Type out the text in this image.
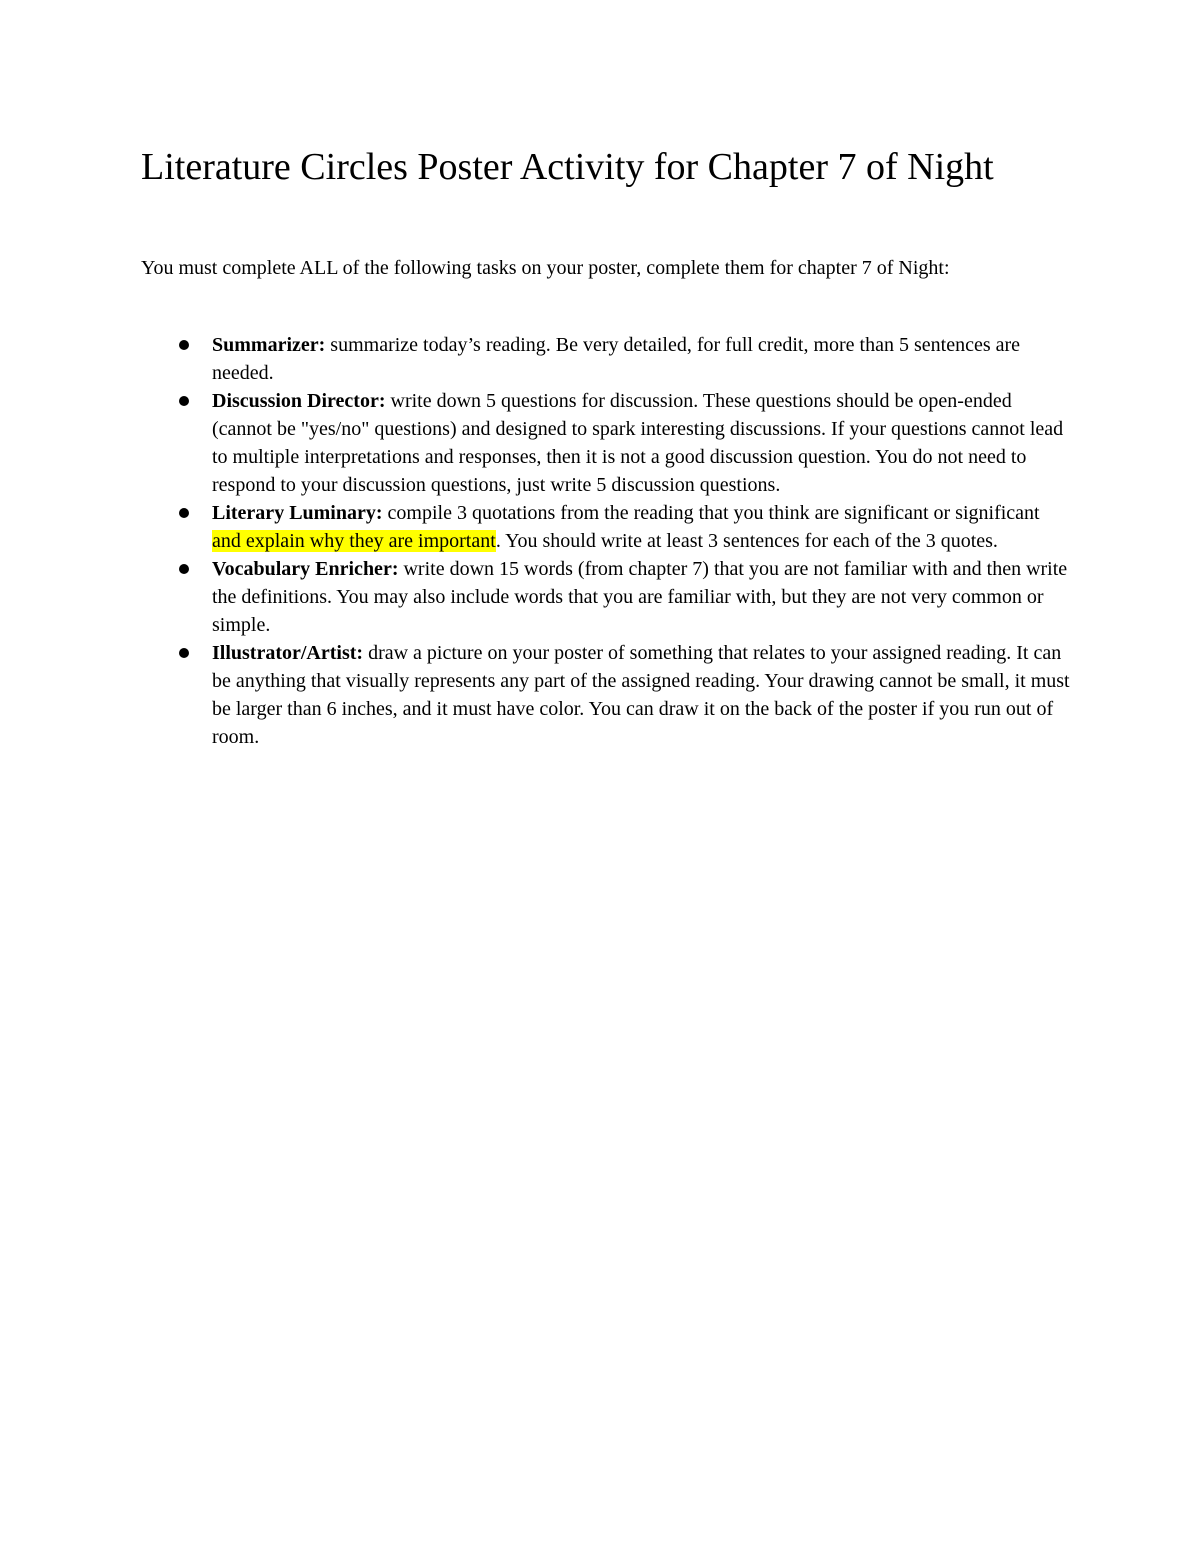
Literature Circles Poster Activity for Chapter 7 of Night

You must complete ALL of the following tasks on your poster, complete them for chapter 7 of Night:

Summarizer: summarize today’s reading. Be very detailed, for full credit, more than 5 sentences are needed.
Discussion Director: write down 5 questions for discussion. These questions should be open-ended (cannot be "yes/no" questions) and designed to spark interesting discussions. If your questions cannot lead to multiple interpretations and responses, then it is not a good discussion question. You do not need to respond to your discussion questions, just write 5 discussion questions.
Literary Luminary: compile 3 quotations from the reading that you think are significant or significant and explain why they are important. You should write at least 3 sentences for each of the 3 quotes.
Vocabulary Enricher: write down 15 words (from chapter 7) that you are not familiar with and then write the definitions. You may also include words that you are familiar with, but they are not very common or simple.
Illustrator/Artist: draw a picture on your poster of something that relates to your assigned reading. It can be anything that visually represents any part of the assigned reading. Your drawing cannot be small, it must be larger than 6 inches, and it must have color. You can draw it on the back of the poster if you run out of room.
